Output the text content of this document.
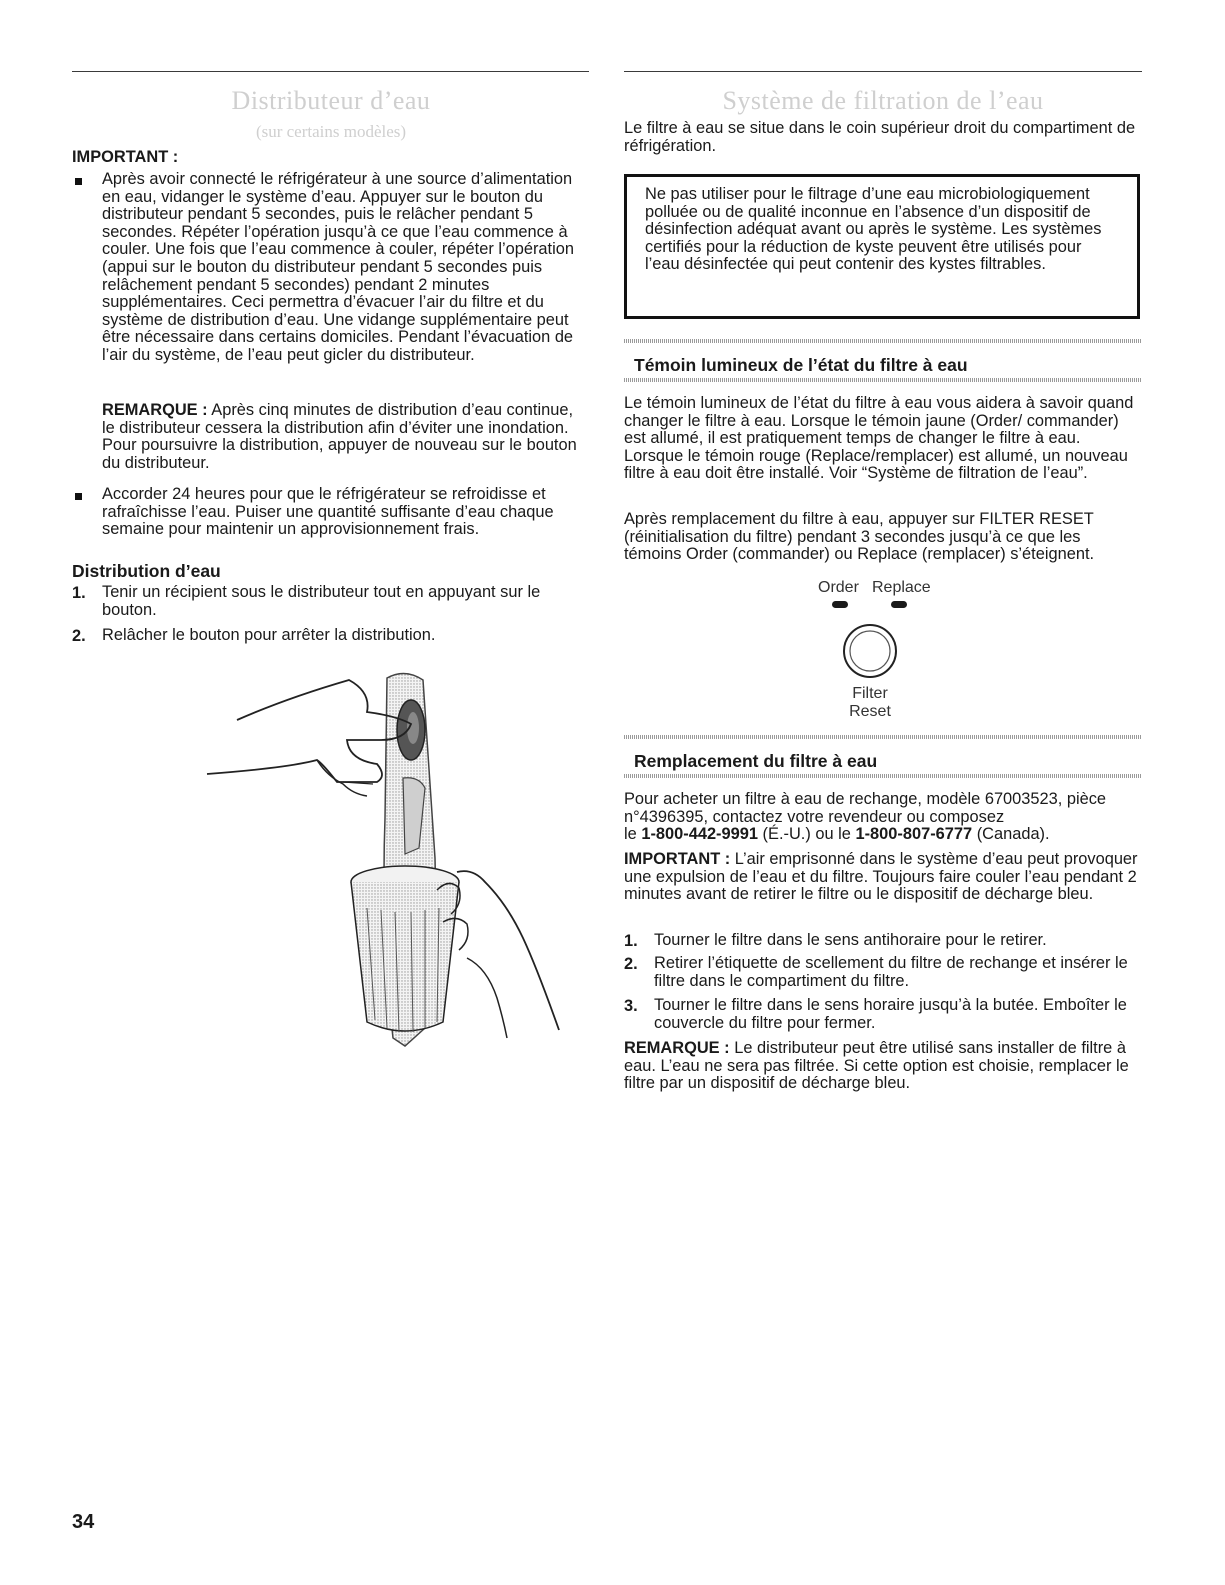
Distributeur d’eau
(sur certains modèles)
IMPORTANT :

Après avoir connecté le réfrigérateur à une source d’alimentation en eau, vidanger le système d’eau. Appuyer sur le bouton du distributeur pendant 5 secondes, puis le relâcher pendant 5 secondes. Répéter l’opération jusqu’à ce que l’eau commence à couler. Une fois que l’eau commence à couler, répéter l’opération (appui sur le bouton du distributeur pendant 5 secondes puis relâchement pendant 5 secondes) pendant 2 minutes supplémentaires. Ceci permettra d’évacuer l’air du filtre et du système de distribution d’eau. Une vidange supplémentaire peut être nécessaire dans certains domiciles. Pendant l’évacuation de l’air du système, de l’eau peut gicler du distributeur.

REMARQUE : Après cinq minutes de distribution d’eau continue, le distributeur cessera la distribution afin d’éviter une inondation. Pour poursuivre la distribution, appuyer de nouveau sur le bouton du distributeur.

Accorder 24 heures pour que le réfrigérateur se refroidisse et rafraîchisse l’eau. Puiser une quantité suffisante d’eau chaque semaine pour maintenir un approvisionnement frais.

Distribution d’eau
1. Tenir un récipient sous le distributeur tout en appuyant sur le bouton.

2. Relâcher le bouton pour arrêter la distribution.

Système de filtration de l’eau

Le filtre à eau se situe dans le coin supérieur droit du compartiment de réfrigération.

Ne pas utiliser pour le filtrage d’une eau microbiologiquement polluée ou de qualité inconnue en l’absence d’un dispositif de désinfection adéquat avant ou après le système. Les systèmes certifiés pour la réduction de kyste peuvent être utilisés pour l’eau désinfectée qui peut contenir des kystes filtrables.

Témoin lumineux de l’état du filtre à eau

Le témoin lumineux de l’état du filtre à eau vous aidera à savoir quand changer le filtre à eau. Lorsque le témoin jaune (Order/ commander) est allumé, il est pratiquement temps de changer le filtre à eau. Lorsque le témoin rouge (Replace/remplacer) est allumé, un nouveau filtre à eau doit être installé. Voir “Système de filtration de l’eau”.

Après remplacement du filtre à eau, appuyer sur FILTER RESET (réinitialisation du filtre) pendant 3 secondes jusqu’à ce que les témoins Order (commander) ou Replace (remplacer) s’éteignent.

Order Replace
Filter
Reset
Remplacement du filtre à eau

Pour acheter un filtre à eau de rechange, modèle 67003523, pièce n°4396395, contactez votre revendeur ou composez
le 1-800-442-9991 (É.-U.) ou le 1-800-807-6777 (Canada).

IMPORTANT : L’air emprisonné dans le système d’eau peut provoquer une expulsion de l’eau et du filtre. Toujours faire couler l’eau pendant 2 minutes avant de retirer le filtre ou le dispositif de décharge bleu.

1. Tourner le filtre dans le sens antihoraire pour le retirer.

2. Retirer l’étiquette de scellement du filtre de rechange et insérer le filtre dans le compartiment du filtre.

3. Tourner le filtre dans le sens horaire jusqu’à la butée. Emboîter le couvercle du filtre pour fermer.

REMARQUE : Le distributeur peut être utilisé sans installer de filtre à eau. L’eau ne sera pas filtrée. Si cette option est choisie, remplacer le filtre par un dispositif de décharge bleu.

34
